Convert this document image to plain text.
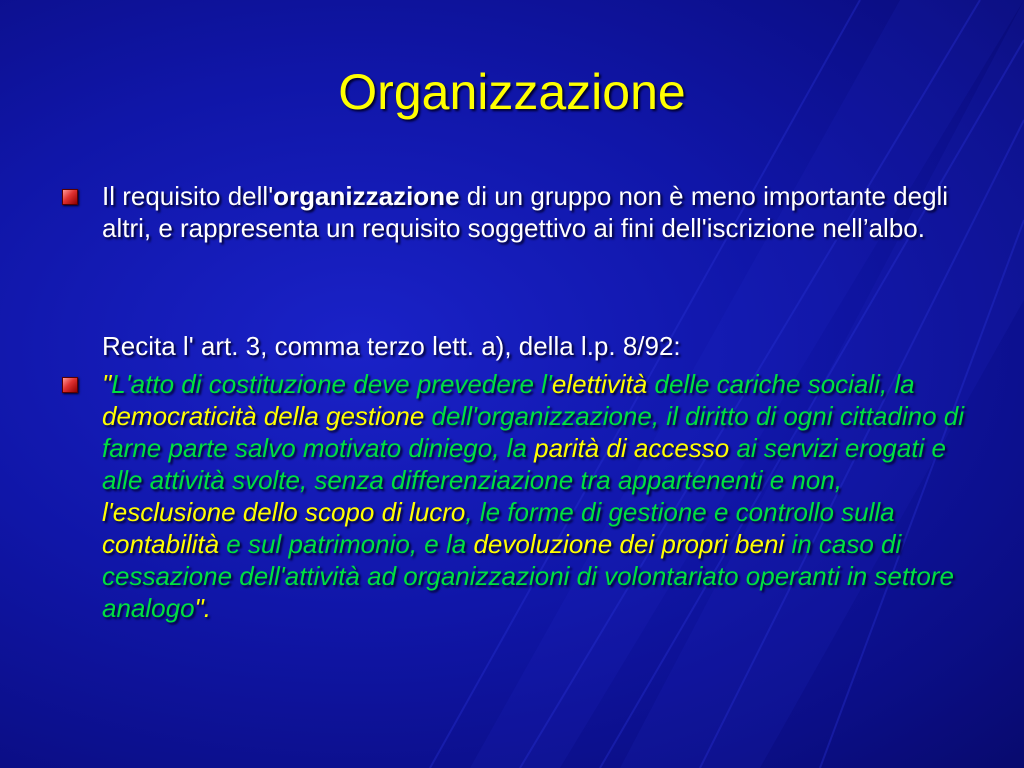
Organizzazione
Il requisito dell'organizzazione di un gruppo non è meno importante degli altri, e rappresenta un requisito soggettivo ai fini dell'iscrizione nell’albo.
Recita l' art. 3, comma terzo lett. a), della l.p. 8/92:
"L'atto di costituzione deve prevedere l'elettività delle cariche sociali, la democraticità della gestione dell'organizzazione, il diritto di ogni cittadino di farne parte salvo motivato diniego, la parità di accesso ai servizi erogati e alle attività svolte, senza differenziazione tra appartenenti e non, l'esclusione dello scopo di lucro, le forme di gestione e controllo sulla contabilità e sul patrimonio, e la devoluzione dei propri beni in caso di cessazione dell'attività ad organizzazioni di volontariato operanti in settore analogo".
